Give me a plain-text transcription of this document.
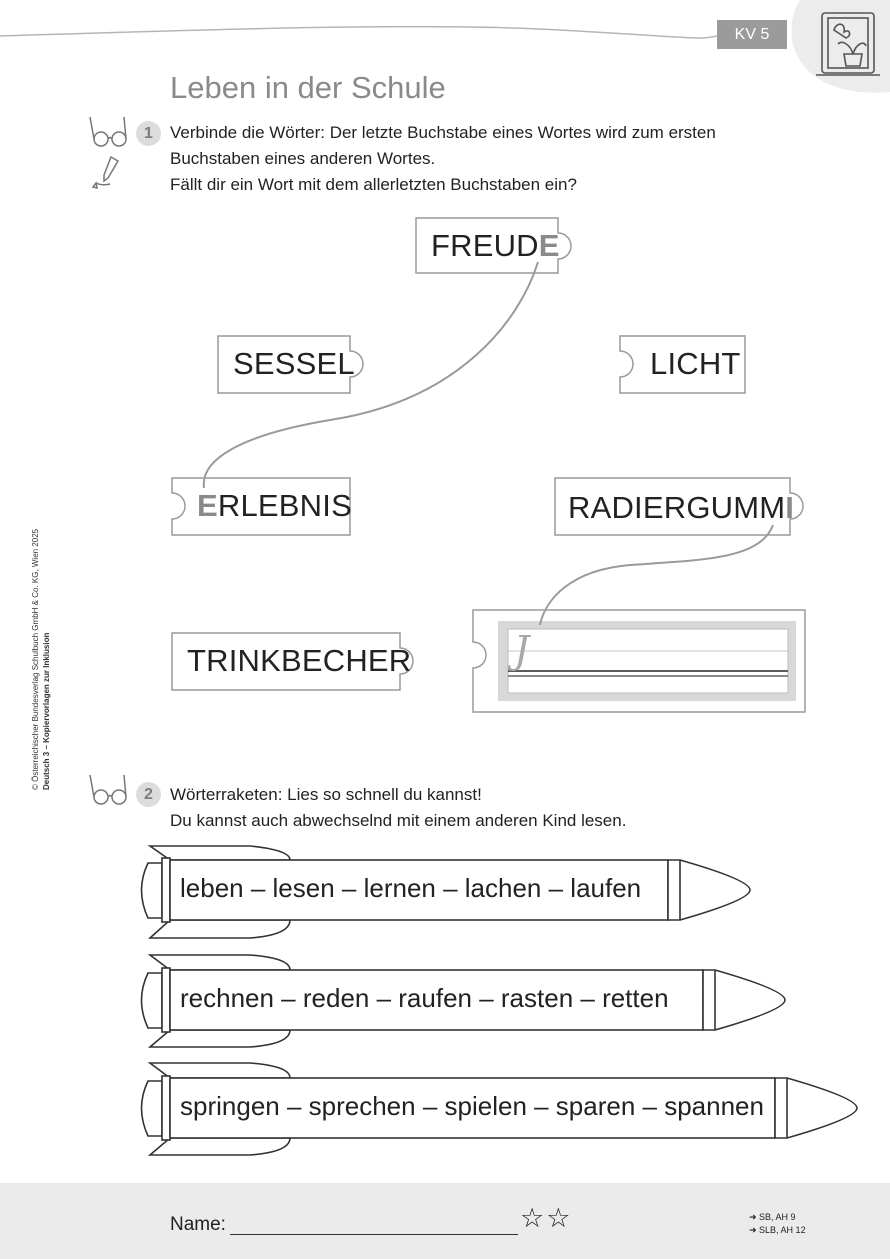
KV 5
Leben in der Schule
© Österreichischer Bundesverlag Schulbuch GmbH & Co. KG, Wien 2025 Deutsch 3 – Kopiervorlagen zur Inklusion
1	Verbinde die Wörter: Der letzte Buchstabe eines Wortes wird zum ersten
Buchstaben eines anderen Wortes.
Fällt dir ein Wort mit dem allerletzten Buchstaben ein?
FREUDE
SESSEL	LICHT
ERLEBNIS	RADIERGUMMI
TRINKBECHER	J
2	Wörterraketen: Lies so schnell du kannst!
Du kannst auch abwechselnd mit einem anderen Kind lesen.
leben – lesen – lernen – lachen – laufen
rechnen – reden – raufen – rasten – retten
springen – sprechen – spielen – sparen – spannen
Name:	☆☆	➜ SB, AH 9
➜ SLB, AH 12
